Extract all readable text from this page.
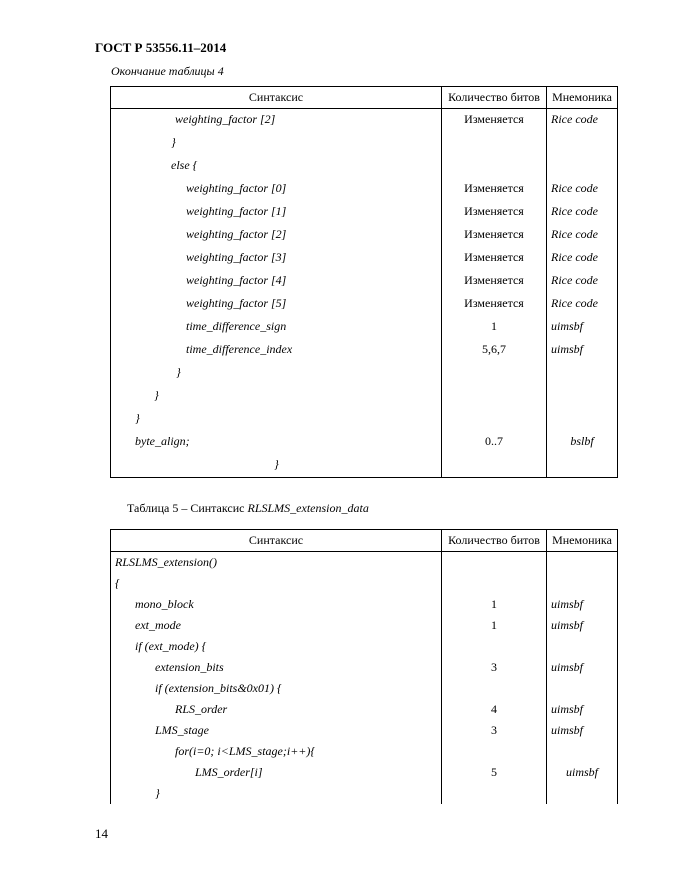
ГОСТ Р 53556.11–2014
Окончание таблицы 4
Синтаксис	Количество битов	Мнемоника
weighting_factor [2]	Изменяется	Rice code
}		
else {		
weighting_factor [0]	Изменяется	Rice code
weighting_factor [1]	Изменяется	Rice code
weighting_factor [2]	Изменяется	Rice code
weighting_factor [3]	Изменяется	Rice code
weighting_factor [4]	Изменяется	Rice code
weighting_factor [5]	Изменяется	Rice code
time_difference_sign	1	uimsbf
time_difference_index	5,6,7	uimsbf
}		
}		
}		
byte_align;	0..7	bslbf
}		
Таблица 5 – Синтаксис RLSLMS_extension_data
Синтаксис	Количество битов	Мнемоника
RLSLMS_extension()		
{		
mono_block	1	uimsbf
ext_mode	1	uimsbf
if (ext_mode) {		
extension_bits	3	uimsbf
if (extension_bits&0x01) {		
RLS_order	4	uimsbf
LMS_stage	3	uimsbf
for(i=0; i<LMS_stage;i++){		
LMS_order[i]	5	uimsbf
}		
14
